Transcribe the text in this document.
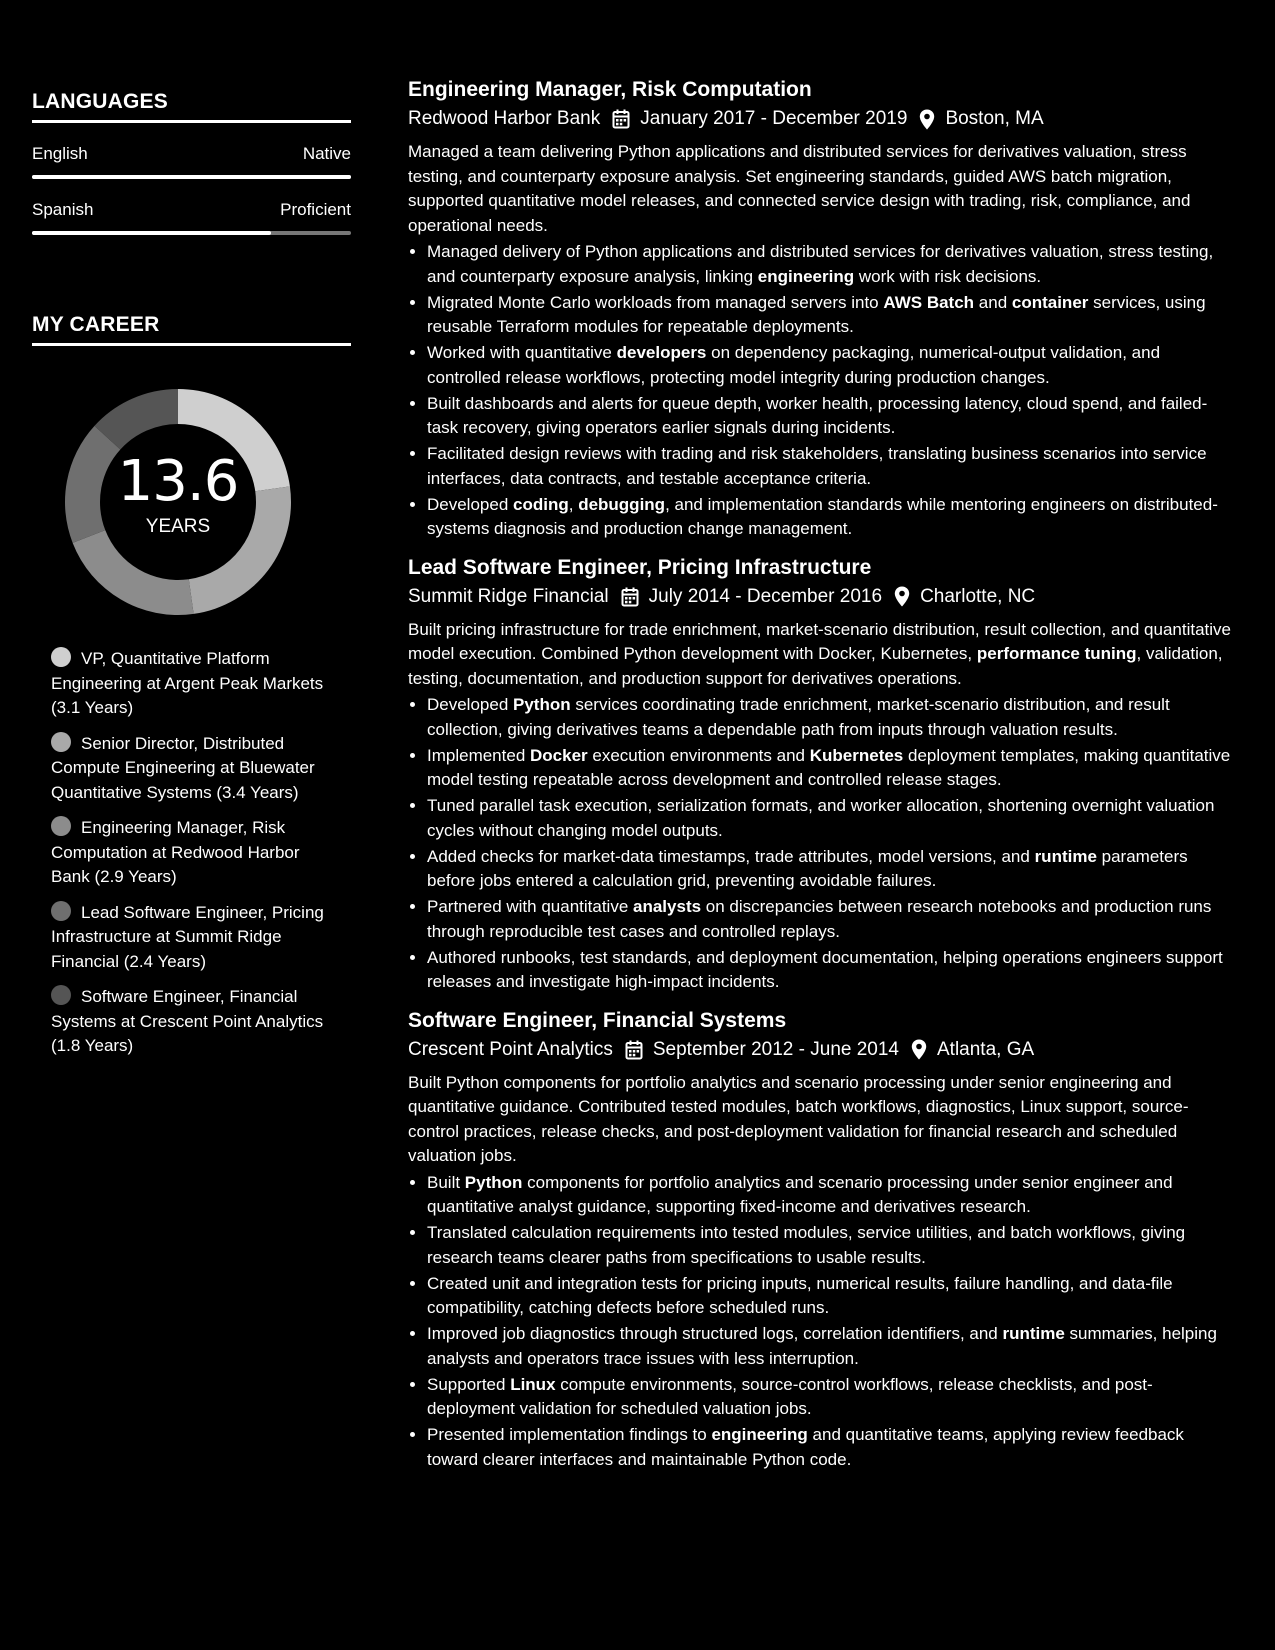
LANGUAGES
English	Native
Spanish	Proficient
MY CAREER
13.6
YEARS
VP, Quantitative Platform Engineering at Argent Peak Markets (3.1 Years)
Senior Director, Distributed Compute Engineering at Bluewater Quantitative Systems (3.4 Years)
Engineering Manager, Risk Computation at Redwood Harbor Bank (2.9 Years)
Lead Software Engineer, Pricing Infrastructure at Summit Ridge Financial (2.4 Years)
Software Engineer, Financial Systems at Crescent Point Analytics (1.8 Years)
Engineering Manager, Risk Computation
Redwood Harbor Bank January 2017 - December 2019 Boston, MA

Managed a team delivering Python applications and distributed services for derivatives valuation, stress testing, and counterparty exposure analysis. Set engineering standards, guided AWS batch migration, supported quantitative model releases, and connected service design with trading, risk, compliance, and operational needs.

• Managed delivery of Python applications and distributed services for derivatives valuation, stress testing, and counterparty exposure analysis, linking engineering work with risk decisions.
• Migrated Monte Carlo workloads from managed servers into AWS Batch and container services, using reusable Terraform modules for repeatable deployments.
• Worked with quantitative developers on dependency packaging, numerical-output validation, and controlled release workflows, protecting model integrity during production changes.
• Built dashboards and alerts for queue depth, worker health, processing latency, cloud spend, and failed-task recovery, giving operators earlier signals during incidents.
• Facilitated design reviews with trading and risk stakeholders, translating business scenarios into service interfaces, data contracts, and testable acceptance criteria.
• Developed coding, debugging, and implementation standards while mentoring engineers on distributed-systems diagnosis and production change management.
Lead Software Engineer, Pricing Infrastructure
Summit Ridge Financial July 2014 - December 2016 Charlotte, NC

Built pricing infrastructure for trade enrichment, market-scenario distribution, result collection, and quantitative model execution. Combined Python development with Docker, Kubernetes, performance tuning, validation, testing, documentation, and production support for derivatives operations.

• Developed Python services coordinating trade enrichment, market-scenario distribution, and result collection, giving derivatives teams a dependable path from inputs through valuation results.
• Implemented Docker execution environments and Kubernetes deployment templates, making quantitative model testing repeatable across development and controlled release stages.
• Tuned parallel task execution, serialization formats, and worker allocation, shortening overnight valuation cycles without changing model outputs.
• Added checks for market-data timestamps, trade attributes, model versions, and runtime parameters before jobs entered a calculation grid, preventing avoidable failures.
• Partnered with quantitative analysts on discrepancies between research notebooks and production runs through reproducible test cases and controlled replays.
• Authored runbooks, test standards, and deployment documentation, helping operations engineers support releases and investigate high-impact incidents.
Software Engineer, Financial Systems
Crescent Point Analytics September 2012 - June 2014 Atlanta, GA

Built Python components for portfolio analytics and scenario processing under senior engineering and quantitative guidance. Contributed tested modules, batch workflows, diagnostics, Linux support, source-control practices, release checks, and post-deployment validation for financial research and scheduled valuation jobs.

• Built Python components for portfolio analytics and scenario processing under senior engineer and quantitative analyst guidance, supporting fixed-income and derivatives research.
• Translated calculation requirements into tested modules, service utilities, and batch workflows, giving research teams clearer paths from specifications to usable results.
• Created unit and integration tests for pricing inputs, numerical results, failure handling, and data-file compatibility, catching defects before scheduled runs.
• Improved job diagnostics through structured logs, correlation identifiers, and runtime summaries, helping analysts and operators trace issues with less interruption.
• Supported Linux compute environments, source-control workflows, release checklists, and post-deployment validation for scheduled valuation jobs.
• Presented implementation findings to engineering and quantitative teams, applying review feedback toward clearer interfaces and maintainable Python code.
